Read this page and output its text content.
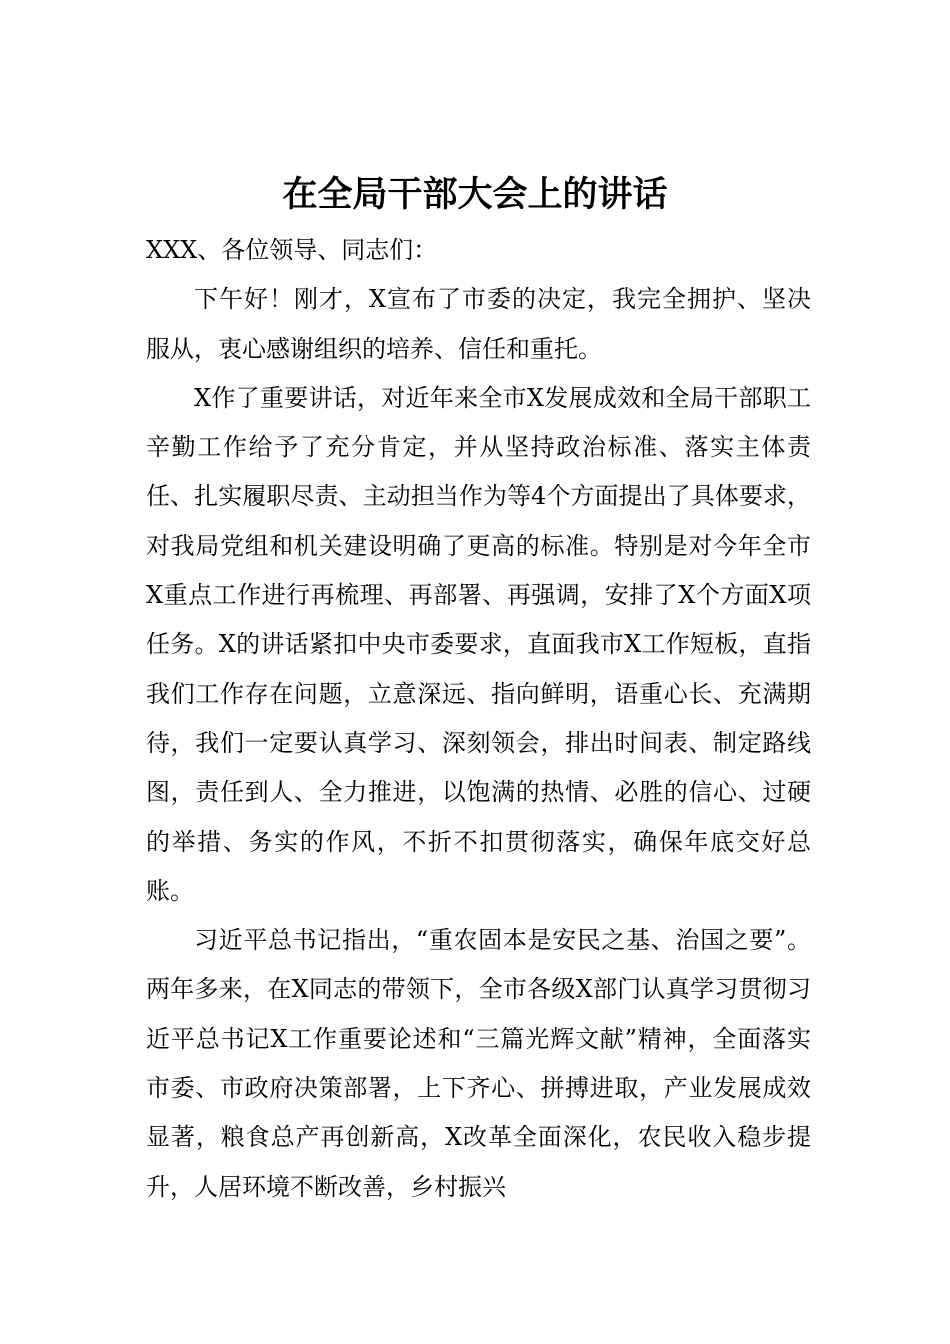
在全局干部大会上的讲话

XXX、各位领导、同志们：

下午好！刚才，X宣布了市委的决定，我完全拥护、坚决服从，衷心感谢组织的培养、信任和重托。

X作了重要讲话，对近年来全市X发展成效和全局干部职工辛勤工作给予了充分肯定，并从坚持政治标准、落实主体责任、扎实履职尽责、主动担当作为等4个方面提出了具体要求，对我局党组和机关建设明确了更高的标准。特别是对今年全市X重点工作进行再梳理、再部署、再强调，安排了X个方面X项任务。X的讲话紧扣中央市委要求，直面我市X工作短板，直指我们工作存在问题，立意深远、指向鲜明，语重心长、充满期待，我们一定要认真学习、深刻领会，排出时间表、制定路线图，责任到人、全力推进，以饱满的热情、必胜的信心、过硬的举措、务实的作风，不折不扣贯彻落实，确保年底交好总账。

习近平总书记指出，“重农固本是安民之基、治国之要”。两年多来，在X同志的带领下，全市各级X部门认真学习贯彻习近平总书记X工作重要论述和“三篇光辉文献”精神，全面落实市委、市政府决策部署，上下齐心、拼搏进取，产业发展成效显著，粮食总产再创新高，X改革全面深化，农民收入稳步提升，人居环境不断改善，乡村振兴
